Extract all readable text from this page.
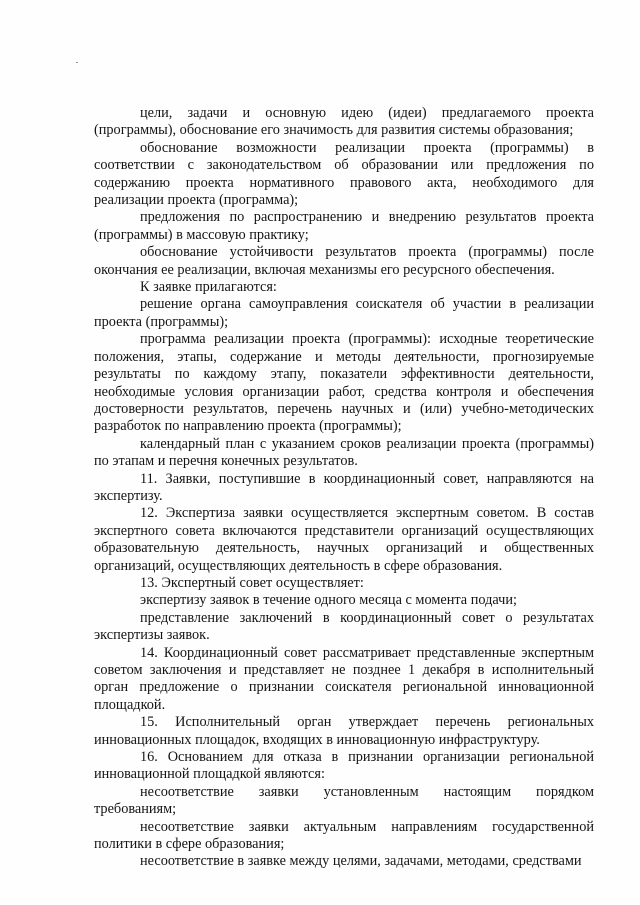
цели, задачи и основную идею (идеи) предлагаемого проекта (программы), обоснование его значимость для развития системы образования;

обоснование возможности реализации проекта (программы) в соответствии с законодательством об образовании или предложения по содержанию проекта нормативного правового акта, необходимого для реализации проекта (программа);

предложения по распространению и внедрению результатов проекта (программы) в массовую практику;

обоснование устойчивости результатов проекта (программы) после окончания ее реализации, включая механизмы его ресурсного обеспечения.

К заявке прилагаются:

решение органа самоуправления соискателя об участии в реализации проекта (программы);

программа реализации проекта (программы): исходные теоретические положения, этапы, содержание и методы деятельности, прогнозируемые результаты по каждому этапу, показатели эффективности деятельности, необходимые условия организации работ, средства контроля и обеспечения достоверности результатов, перечень научных и (или) учебно-методических разработок по направлению проекта (программы);

календарный план с указанием сроков реализации проекта (программы) по этапам и перечня конечных результатов.

11. Заявки, поступившие в координационный совет, направляются на экспертизу.

12. Экспертиза заявки осуществляется экспертным советом. В состав экспертного совета включаются представители организаций осуществляющих образовательную деятельность, научных организаций и общественных организаций, осуществляющих деятельность в сфере образования.

13. Экспертный совет осуществляет:

экспертизу заявок в течение одного месяца с момента подачи;

представление заключений в координационный совет о результатах экспертизы заявок.

14. Координационный совет рассматривает представленные экспертным советом заключения и представляет не позднее 1 декабря в исполнительный орган предложение о признании соискателя региональной инновационной площадкой.

15. Исполнительный орган утверждает перечень региональных инновационных площадок, входящих в инновационную инфраструктуру.

16. Основанием для отказа в признании организации региональной инновационной площадкой являются:

несоответствие заявки установленным настоящим порядком требованиям;

несоответствие заявки актуальным направлениям государственной политики в сфере образования;

несоответствие в заявке между целями, задачами, методами, средствами
